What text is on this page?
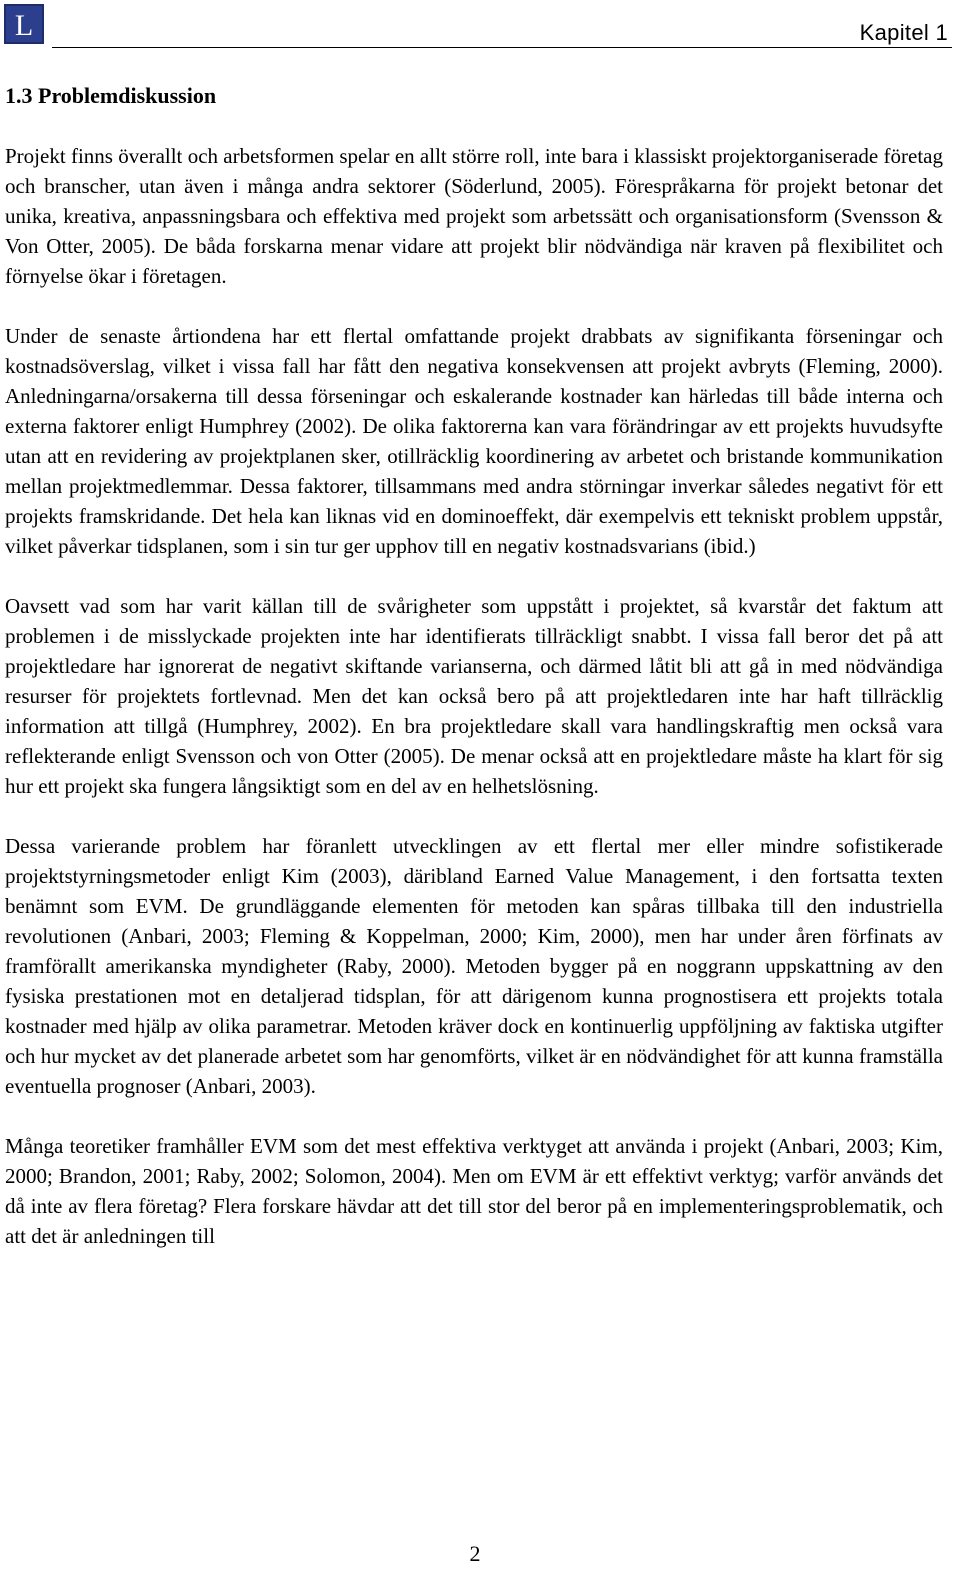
L	Kapitel 1
1.3 Problemdiskussion

Projekt finns överallt och arbetsformen spelar en allt större roll, inte bara i klassiskt projektorganiserade företag och branscher, utan även i många andra sektorer (Söderlund, 2005). Förespråkarna för projekt betonar det unika, kreativa, anpassningsbara och effektiva med projekt som arbetssätt och organisationsform (Svensson & Von Otter, 2005). De båda forskarna menar vidare att projekt blir nödvändiga när kraven på flexibilitet och förnyelse ökar i företagen.

Under de senaste årtiondena har ett flertal omfattande projekt drabbats av signifikanta förseningar och kostnadsöverslag, vilket i vissa fall har fått den negativa konsekvensen att projekt avbryts (Fleming, 2000). Anledningarna/orsakerna till dessa förseningar och eskalerande kostnader kan härledas till både interna och externa faktorer enligt Humphrey (2002). De olika faktorerna kan vara förändringar av ett projekts huvudsyfte utan att en revidering av projektplanen sker, otillräcklig koordinering av arbetet och bristande kommunikation mellan projektmedlemmar. Dessa faktorer, tillsammans med andra störningar inverkar således negativt för ett projekts framskridande. Det hela kan liknas vid en dominoeffekt, där exempelvis ett tekniskt problem uppstår, vilket påverkar tidsplanen, som i sin tur ger upphov till en negativ kostnadsvarians (ibid.)

Oavsett vad som har varit källan till de svårigheter som uppstått i projektet, så kvarstår det faktum att problemen i de misslyckade projekten inte har identifierats tillräckligt snabbt. I vissa fall beror det på att projektledare har ignorerat de negativt skiftande varianserna, och därmed låtit bli att gå in med nödvändiga resurser för projektets fortlevnad. Men det kan också bero på att projektledaren inte har haft tillräcklig information att tillgå (Humphrey, 2002). En bra projektledare skall vara handlingskraftig men också vara reflekterande enligt Svensson och von Otter (2005). De menar också att en projektledare måste ha klart för sig hur ett projekt ska fungera långsiktigt som en del av en helhetslösning.

Dessa varierande problem har föranlett utvecklingen av ett flertal mer eller mindre sofistikerade projektstyrningsmetoder enligt Kim (2003), däribland Earned Value Management, i den fortsatta texten benämnt som EVM. De grundläggande elementen för metoden kan spåras tillbaka till den industriella revolutionen (Anbari, 2003; Fleming & Koppelman, 2000; Kim, 2000), men har under åren förfinats av framförallt amerikanska myndigheter (Raby, 2000). Metoden bygger på en noggrann uppskattning av den fysiska prestationen mot en detaljerad tidsplan, för att därigenom kunna prognostisera ett projekts totala kostnader med hjälp av olika parametrar. Metoden kräver dock en kontinuerlig uppföljning av faktiska utgifter och hur mycket av det planerade arbetet som har genomförts, vilket är en nödvändighet för att kunna framställa eventuella prognoser (Anbari, 2003).

Många teoretiker framhåller EVM som det mest effektiva verktyget att använda i projekt (Anbari, 2003; Kim, 2000; Brandon, 2001; Raby, 2002; Solomon, 2004). Men om EVM är ett effektivt verktyg; varför används det då inte av flera företag? Flera forskare hävdar att det till stor del beror på en implementeringsproblematik, och att det är anledningen till

2
